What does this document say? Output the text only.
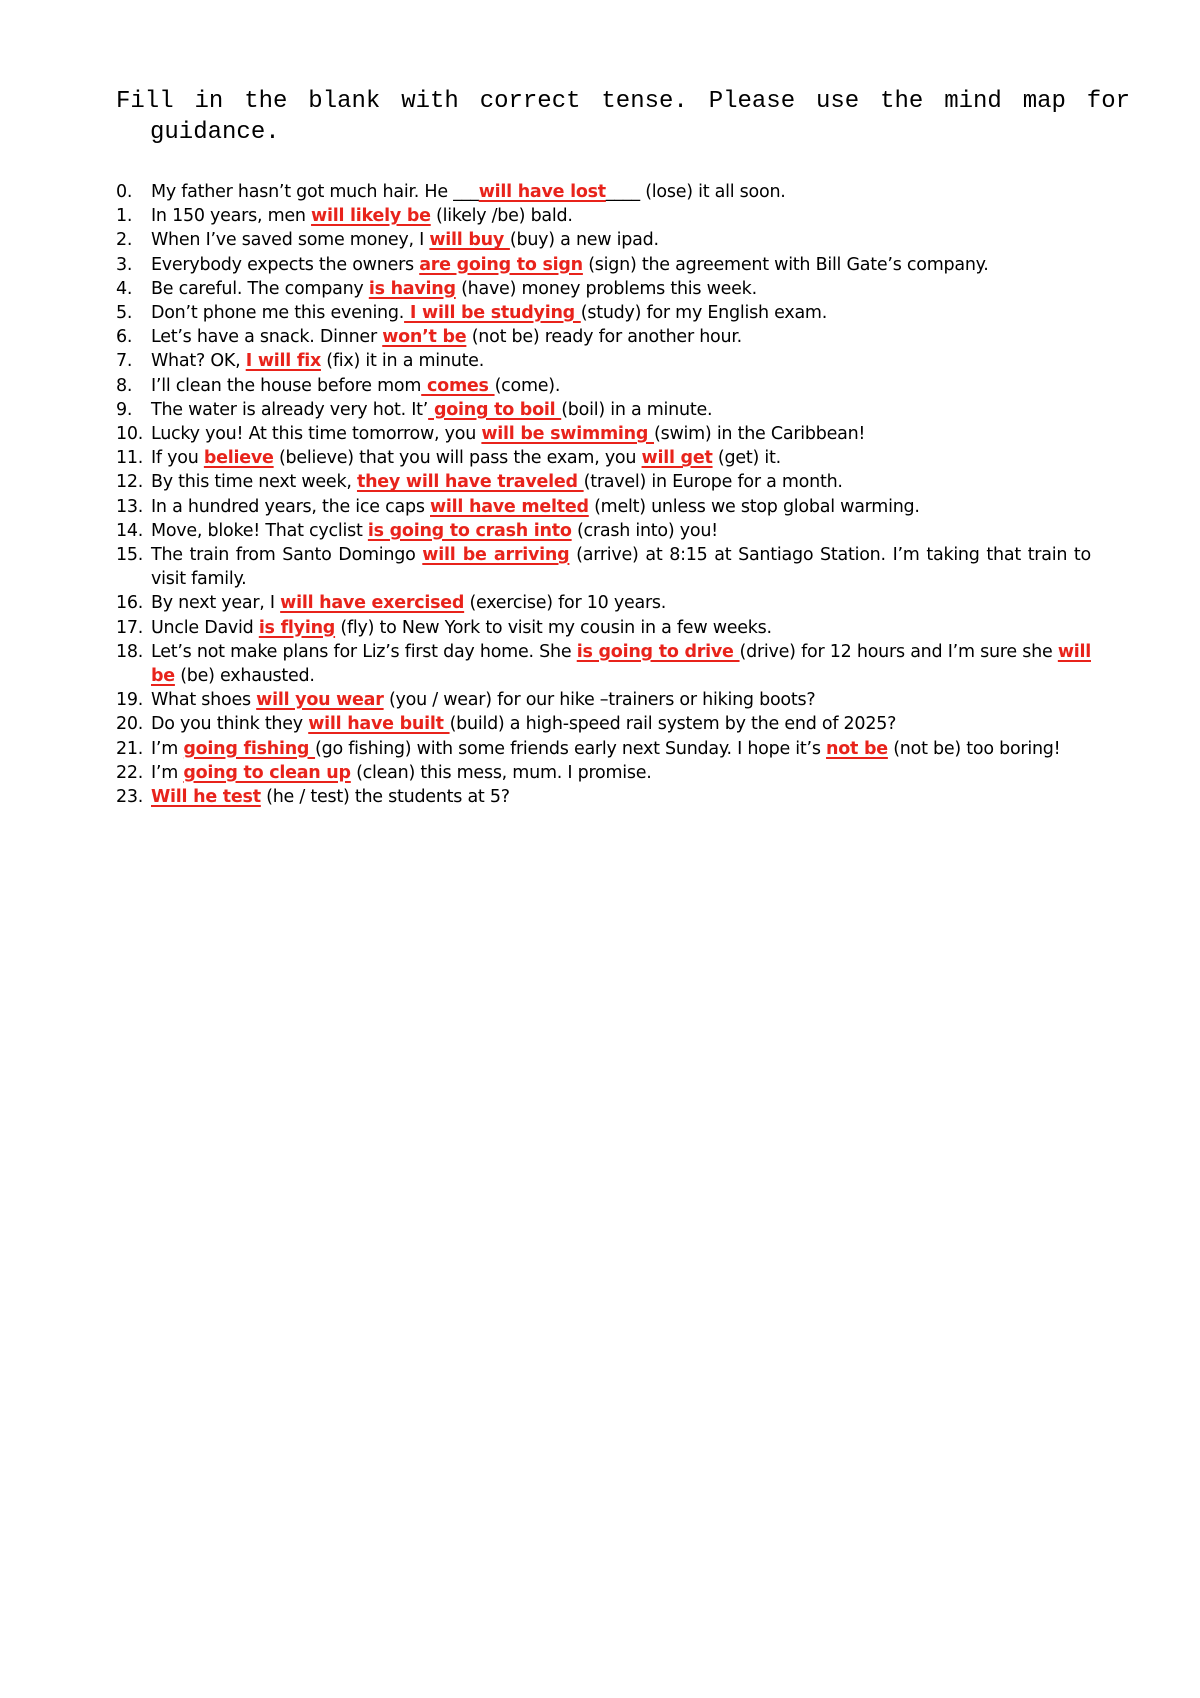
Fill in the blank with correct tense. Please use the mind map for guidance.

0.	My father hasn’t got much hair. He ___will have lost____ (lose) it all soon.
1.	In 150 years, men will likely be (likely /be) bald.
2.	When I’ve saved some money, I will buy (buy) a new ipad.
3.	Everybody expects the owners are going to sign (sign) the agreement with Bill Gate’s company.
4.	Be careful. The company is having (have) money problems this week.
5.	Don’t phone me this evening. I will be studying (study) for my English exam.
6.	Let’s have a snack. Dinner won’t be (not be) ready for another hour.
7.	What? OK, I will fix (fix) it in a minute.
8.	I’ll clean the house before mom comes (come).
9.	The water is already very hot. It’ going to boil (boil) in a minute.
10. Lucky you! At this time tomorrow, you will be swimming (swim) in the Caribbean!
11. If you believe (believe) that you will pass the exam, you will get (get) it.
12. By this time next week, they will have traveled (travel) in Europe for a month.
13. In a hundred years, the ice caps will have melted (melt) unless we stop global warming.
14. Move, bloke! That cyclist is going to crash into (crash into) you!
15. The train from Santo Domingo will be arriving (arrive) at 8:15 at Santiago Station. I’m taking that train to visit family.
16. By next year, I will have exercised (exercise) for 10 years.
17. Uncle David is flying (fly) to New York to visit my cousin in a few weeks.
18. Let’s not make plans for Liz’s first day home. She is going to drive (drive) for 12 hours and I’m sure she will be (be) exhausted.
19. What shoes will you wear (you / wear) for our hike –trainers or hiking boots?
20. Do you think they will have built (build) a high-speed rail system by the end of 2025?
21. I’m going fishing (go fishing) with some friends early next Sunday. I hope it’s not be (not be) too boring!
22. I’m going to clean up (clean) this mess, mum. I promise.
23. Will he test (he / test) the students at 5?
